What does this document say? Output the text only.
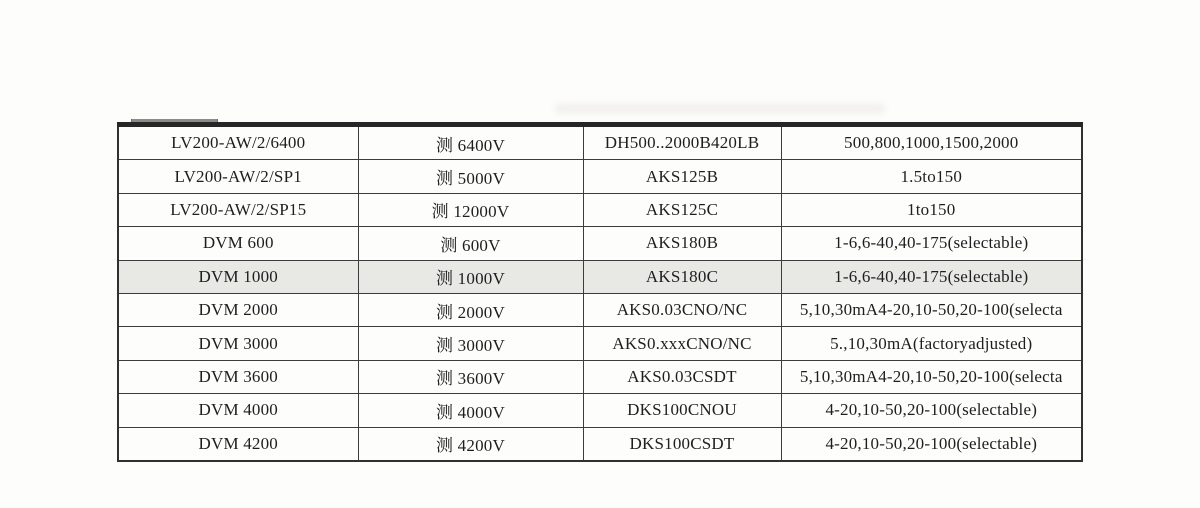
LV200-AW/2/6400	测 6400V	DH500..2000B420LB	500,800,1000,1500,2000
LV200-AW/2/SP1	测 5000V	AKS125B	1.5to150
LV200-AW/2/SP15	测 12000V	AKS125C	1to150
DVM 600	测 600V	AKS180B	1-6,6-40,40-175(selectable)
DVM 1000	测 1000V	AKS180C	1-6,6-40,40-175(selectable)
DVM 2000	测 2000V	AKS0.03CNO/NC	5,10,30mA4-20,10-50,20-100(selecta
DVM 3000	测 3000V	AKS0.xxxCNO/NC	5.,10,30mA(factoryadjusted)
DVM 3600	测 3600V	AKS0.03CSDT	5,10,30mA4-20,10-50,20-100(selecta
DVM 4000	测 4000V	DKS100CNOU	4-20,10-50,20-100(selectable)
DVM 4200	测 4200V	DKS100CSDT	4-20,10-50,20-100(selectable)
